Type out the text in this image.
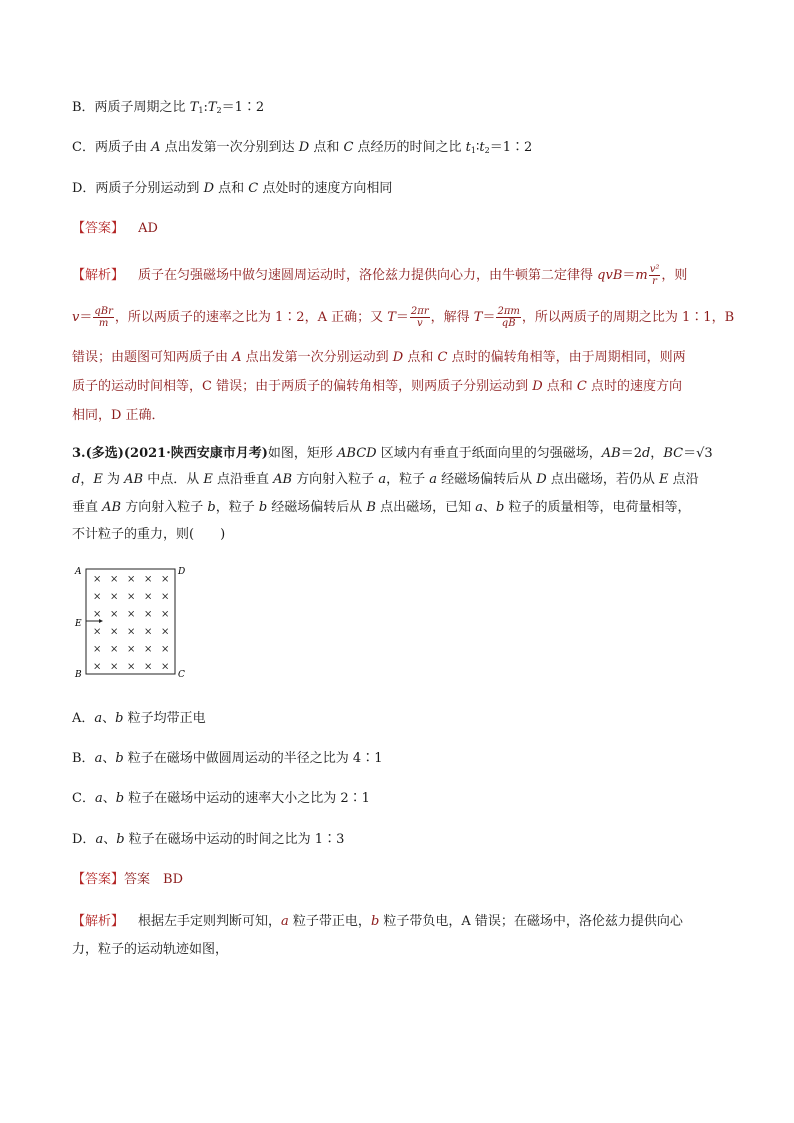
B．两质子周期之比 $T_1:T_2=1∶2$
C．两质子由 A 点出发第一次分别到达 D 点和 C 点经历的时间之比 $t_1∶t_2=1∶2$
D．两质子分别运动到 D 点和 C 点处时的速度方向相同
【答案】 AD
【解析】 质子在匀强磁场中做匀速圆周运动时，洛伦兹力提供向心力，由牛顿第二定律得 $qvB=m \frac{\text{v²}}{r}$ ，则
$v= \frac{\text{qBr}}{m}$ ，所以两质子的速率之比为 1∶2，A 正确；又 $T= \frac{2\pi r}{v}$ ，解得 $T= \frac{2\pi m}{qB}$ ，所以两质子的周期之比为 1∶1，B
错误；由题图可知两质子由 A 点出发第一次分别运动到 D 点和 C 点时的偏转角相等，由于周期相同，则两
质子的运动时间相等，C 错误；由于两质子的偏转角相等，则两质子分别运动到 D 点和 C 点时的速度方向
相同，D 正确．
3.(多选)(2021·陕西安康市月考)如图，矩形 ABCD 区域内有垂直于纸面向里的匀强磁场，AB＝2d，BC＝√3
d，E 为 AB 中点．从 E 点沿垂直 AB 方向射入粒子 a，粒子 a 经磁场偏转后从 D 点出磁场，若仍从 E 点沿
垂直 AB 方向射入粒子 b，粒子 b 经磁场偏转后从 B 点出磁场，已知 a、b 粒子的质量相等，电荷量相等，
不计粒子的重力，则(　　)
× × × × ×
× × × × ×
× × × × ×
× × × × ×
× × × × ×
× × × × ×
A	D
E
B	C
A．a、b 粒子均带正电
B．a、b 粒子在磁场中做圆周运动的半径之比为 4∶1
C．a、b 粒子在磁场中运动的速率大小之比为 2∶1
D．a、b 粒子在磁场中运动的时间之比为 1∶3
【答案】答案　BD
【解析】 根据左手定则判断可知，a 粒子带正电，b 粒子带负电，A 错误；在磁场中，洛伦兹力提供向心
力，粒子的运动轨迹如图，
